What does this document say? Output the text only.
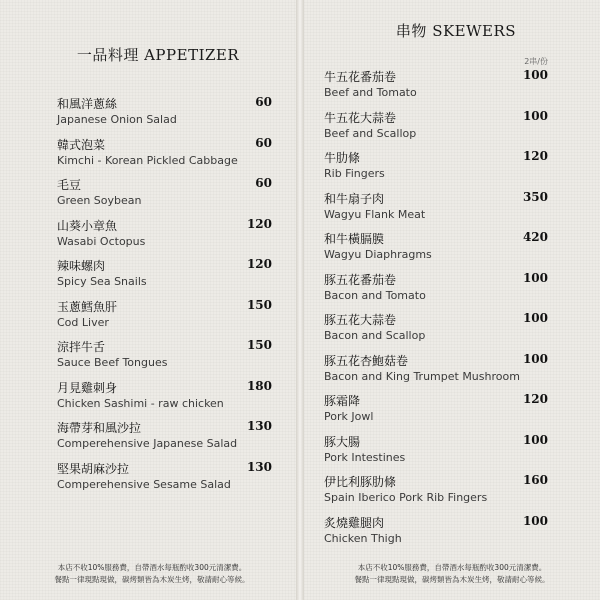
一品料理 APPETIZER
和風洋蔥絲
Japanese Onion Salad
60
韓式泡菜
Kimchi - Korean Pickled Cabbage
60
毛豆
Green Soybean
60
山葵小章魚
Wasabi Octopus
120
辣味螺肉
Spicy Sea Snails
120
玉蔥鱈魚肝
Cod Liver
150
涼拌牛舌
Sauce Beef Tongues
150
月見雞刺身
Chicken Sashimi - raw chicken
180
海帶芽和風沙拉
Comperehensive Japanese Salad
130
堅果胡麻沙拉
Comperehensive Sesame Salad
130
本店不收10%服務費，自帶酒水每瓶酌收300元清潔費。
餐點一律現點現做，碳烤類皆為木炭生烤，敬請耐心等候。
串物 SKEWERS
2串/份
牛五花番茄卷
Beef and Tomato
100
牛五花大蒜卷
Beef and Scallop
100
牛肋條
Rib Fingers
120
和牛扇子肉
Wagyu Flank Meat
350
和牛橫膈膜
Wagyu Diaphragms
420
豚五花番茄卷
Bacon and Tomato
100
豚五花大蒜卷
Bacon and Scallop
100
豚五花杏鮑菇卷
Bacon and King Trumpet Mushroom
100
豚霜降
Pork Jowl
120
豚大腸
Pork Intestines
100
伊比利豚肋條
Spain Iberico Pork Rib Fingers
160
炙燒雞腿肉
Chicken Thigh
100
本店不收10%服務費，自帶酒水每瓶酌收300元清潔費。
餐點一律現點現做，碳烤類皆為木炭生烤，敬請耐心等候。
